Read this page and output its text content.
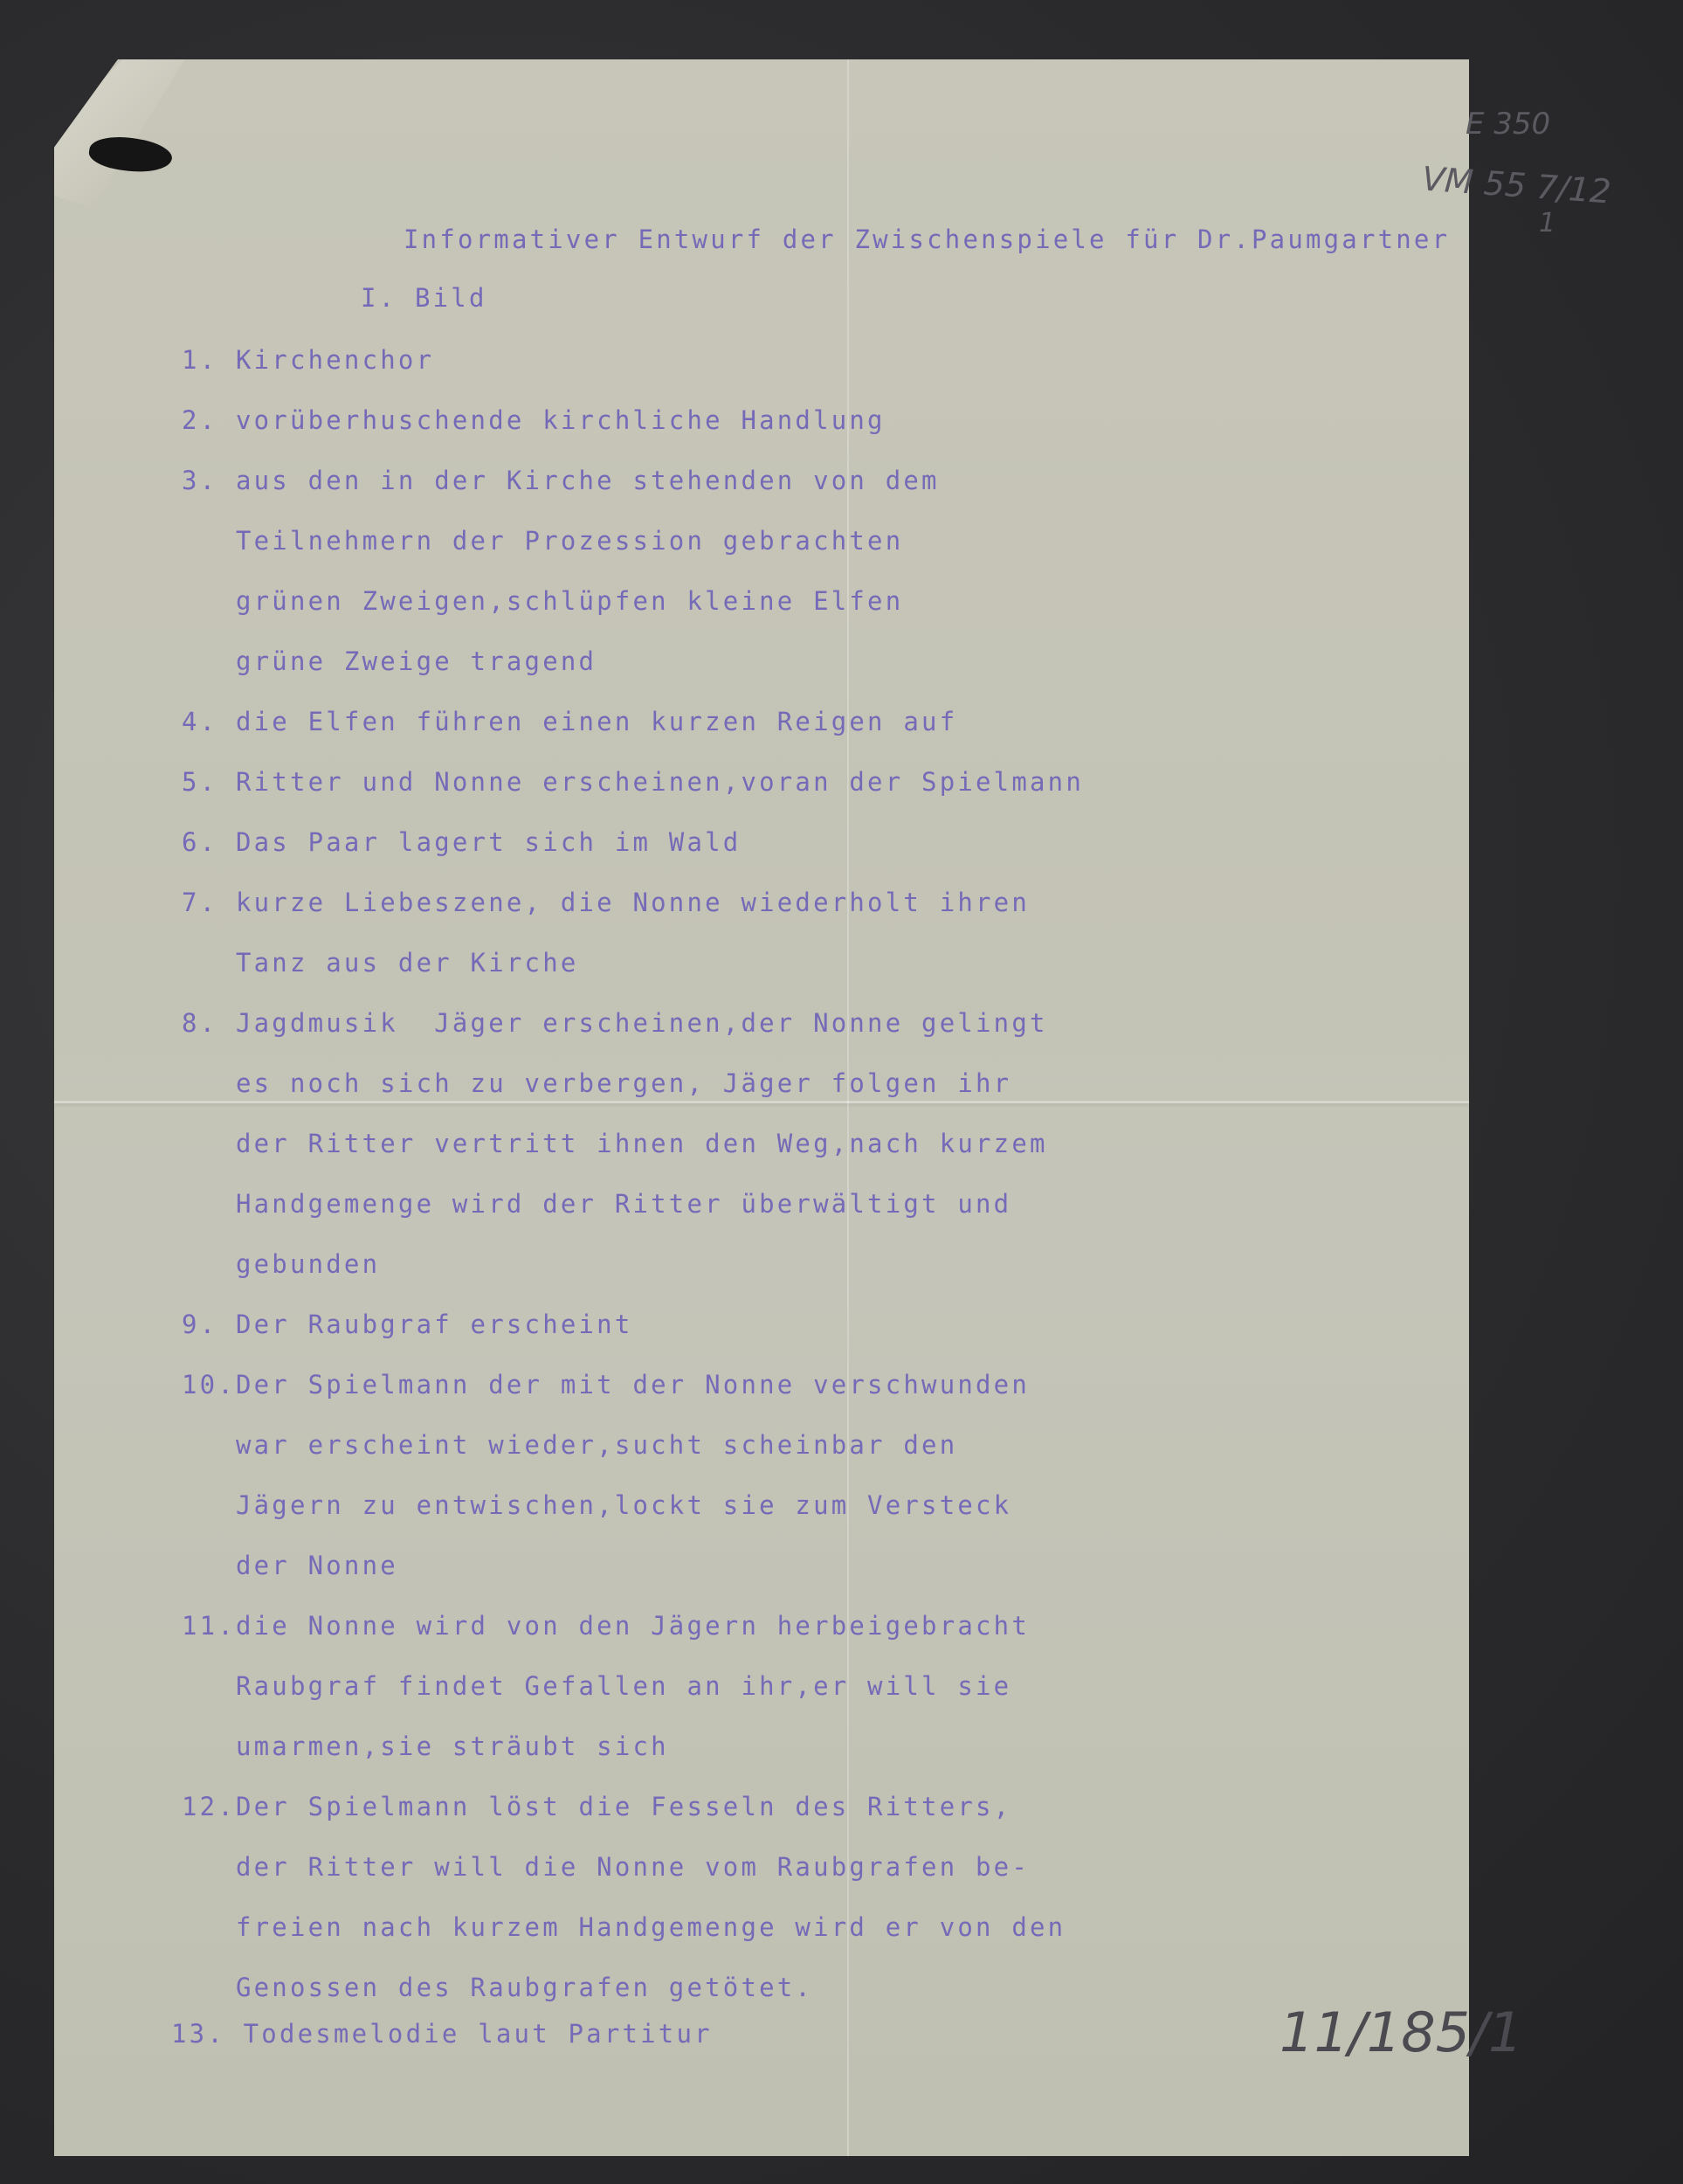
E 350
VM 55 7/12
1
11/185/1
Informativer Entwurf der Zwischenspiele für Dr.Paumgartner
I. Bild
1. Kirchenchor
2. vorüberhuschende kirchliche Handlung
3. aus den in der Kirche stehenden von dem
Teilnehmern der Prozession gebrachten
grünen Zweigen,schlüpfen kleine Elfen
grüne Zweige tragend
4. die Elfen führen einen kurzen Reigen auf
5. Ritter und Nonne erscheinen,voran der Spielmann
6. Das Paar lagert sich im Wald
7. kurze Liebeszene, die Nonne wiederholt ihren
Tanz aus der Kirche
8. Jagdmusik  Jäger erscheinen,der Nonne gelingt
es noch sich zu verbergen, Jäger folgen ihr
der Ritter vertritt ihnen den Weg,nach kurzem
Handgemenge wird der Ritter überwältigt und
gebunden
9. Der Raubgraf erscheint
10.Der Spielmann der mit der Nonne verschwunden
war erscheint wieder,sucht scheinbar den
Jägern zu entwischen,lockt sie zum Versteck
der Nonne
11.die Nonne wird von den Jägern herbeigebracht
Raubgraf findet Gefallen an ihr,er will sie
umarmen,sie sträubt sich
12.Der Spielmann löst die Fesseln des Ritters,
der Ritter will die Nonne vom Raubgrafen be-
freien nach kurzem Handgemenge wird er von den
Genossen des Raubgrafen getötet.
13. Todesmelodie laut Partitur
